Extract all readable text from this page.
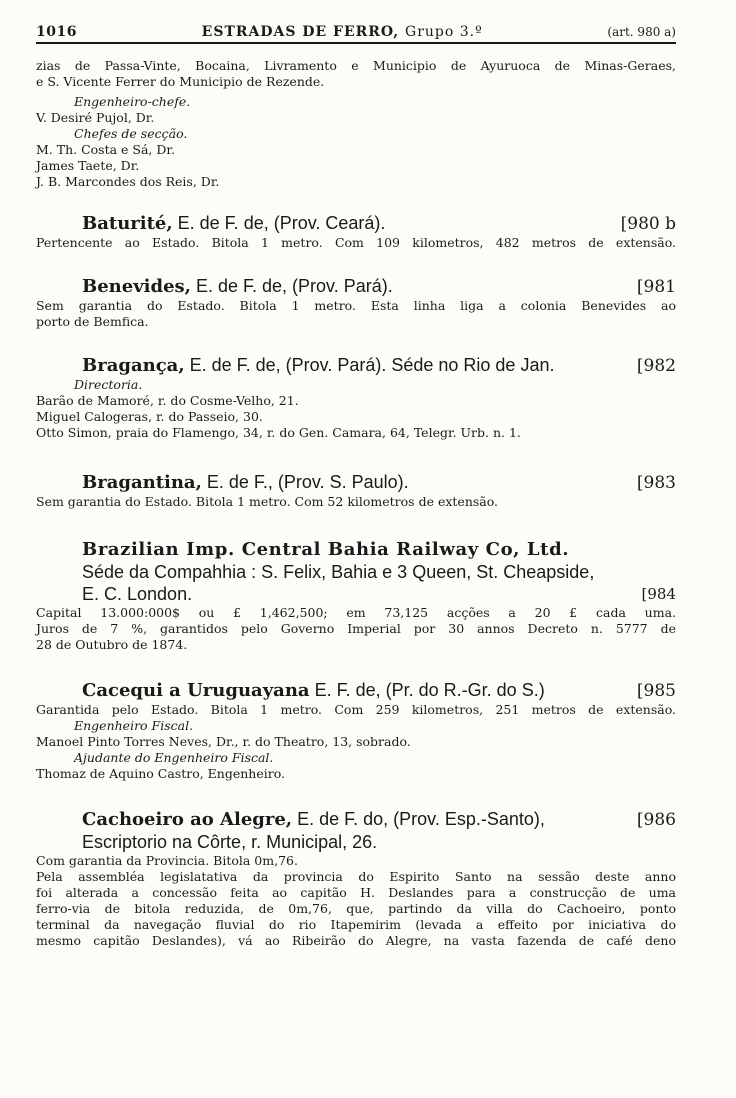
1016	ESTRADAS DE FERRO, Grupo 3.º	(art. 980 a)
zias de Passa-Vinte, Bocaina, Livramento e Municipio de Ayuruoca de Minas-Geraes,
e S. Vicente Ferrer do Municipio de Rezende.
Engenheiro-chefe.
V. Desiré Pujol, Dr.
Chefes de secção.
M. Th. Costa e Sá, Dr.
James Taete, Dr.
J. B. Marcondes dos Reis, Dr.
Baturité, E. de F. de, (Prov. Ceará).	[980 b
Pertencente ao Estado. Bitola 1 metro. Com 109 kilometros, 482 metros de extensão.
Benevides, E. de F. de, (Prov. Pará).	[981
Sem garantia do Estado. Bitola 1 metro. Esta linha liga a colonia Benevides ao
porto de Bemfica.
Bragança, E. de F. de, (Prov. Pará). Séde no Rio de Jan.	[982
Directoria.
Barão de Mamoré, r. do Cosme-Velho, 21.
Miguel Calogeras, r. do Passeio, 30.
Otto Simon, praia do Flamengo, 34, r. do Gen. Camara, 64, Telegr. Urb. n. 1.
Bragantina, E. de F., (Prov. S. Paulo).	[983
Sem garantia do Estado. Bitola 1 metro. Com 52 kilometros de extensão.
Brazilian Imp. Central Bahia Railway Co, Ltd.
Séde da Compahhia : S. Felix, Bahia e 3 Queen, St. Cheapside,
E. C. London.	[984
Capital 13.000:000$ ou £ 1,462,500; em 73,125 acções a 20 £ cada uma.
Juros de 7 %, garantidos pelo Governo Imperial por 30 annos Decreto n. 5777 de
28 de Outubro de 1874.
Cacequi a Uruguayana E. F. de, (Pr. do R.-Gr. do S.)	[985
Garantida pelo Estado. Bitola 1 metro. Com 259 kilometros, 251 metros de extensão.
Engenheiro Fiscal.
Manoel Pinto Torres Neves, Dr., r. do Theatro, 13, sobrado.
Ajudante do Engenheiro Fiscal.
Thomaz de Aquino Castro, Engenheiro.
Cachoeiro ao Alegre, E. de F. do, (Prov. Esp.-Santo),	[986
Escriptorio na Côrte, r. Municipal, 26.
Com garantia da Provincia. Bitola 0m,76.
Pela assembléa legislatativa da provincia do Espirito Santo na sessão deste anno
foi alterada a concessão feita ao capitão H. Deslandes para a construcção de uma
ferro-via de bitola reduzida, de 0m,76, que, partindo da villa do Cachoeiro, ponto
terminal da navegação fluvial do rio Itapemirim (levada a effeito por iniciativa do
mesmo capitão Deslandes), vá ao Ribeirão do Alegre, na vasta fazenda de café deno
